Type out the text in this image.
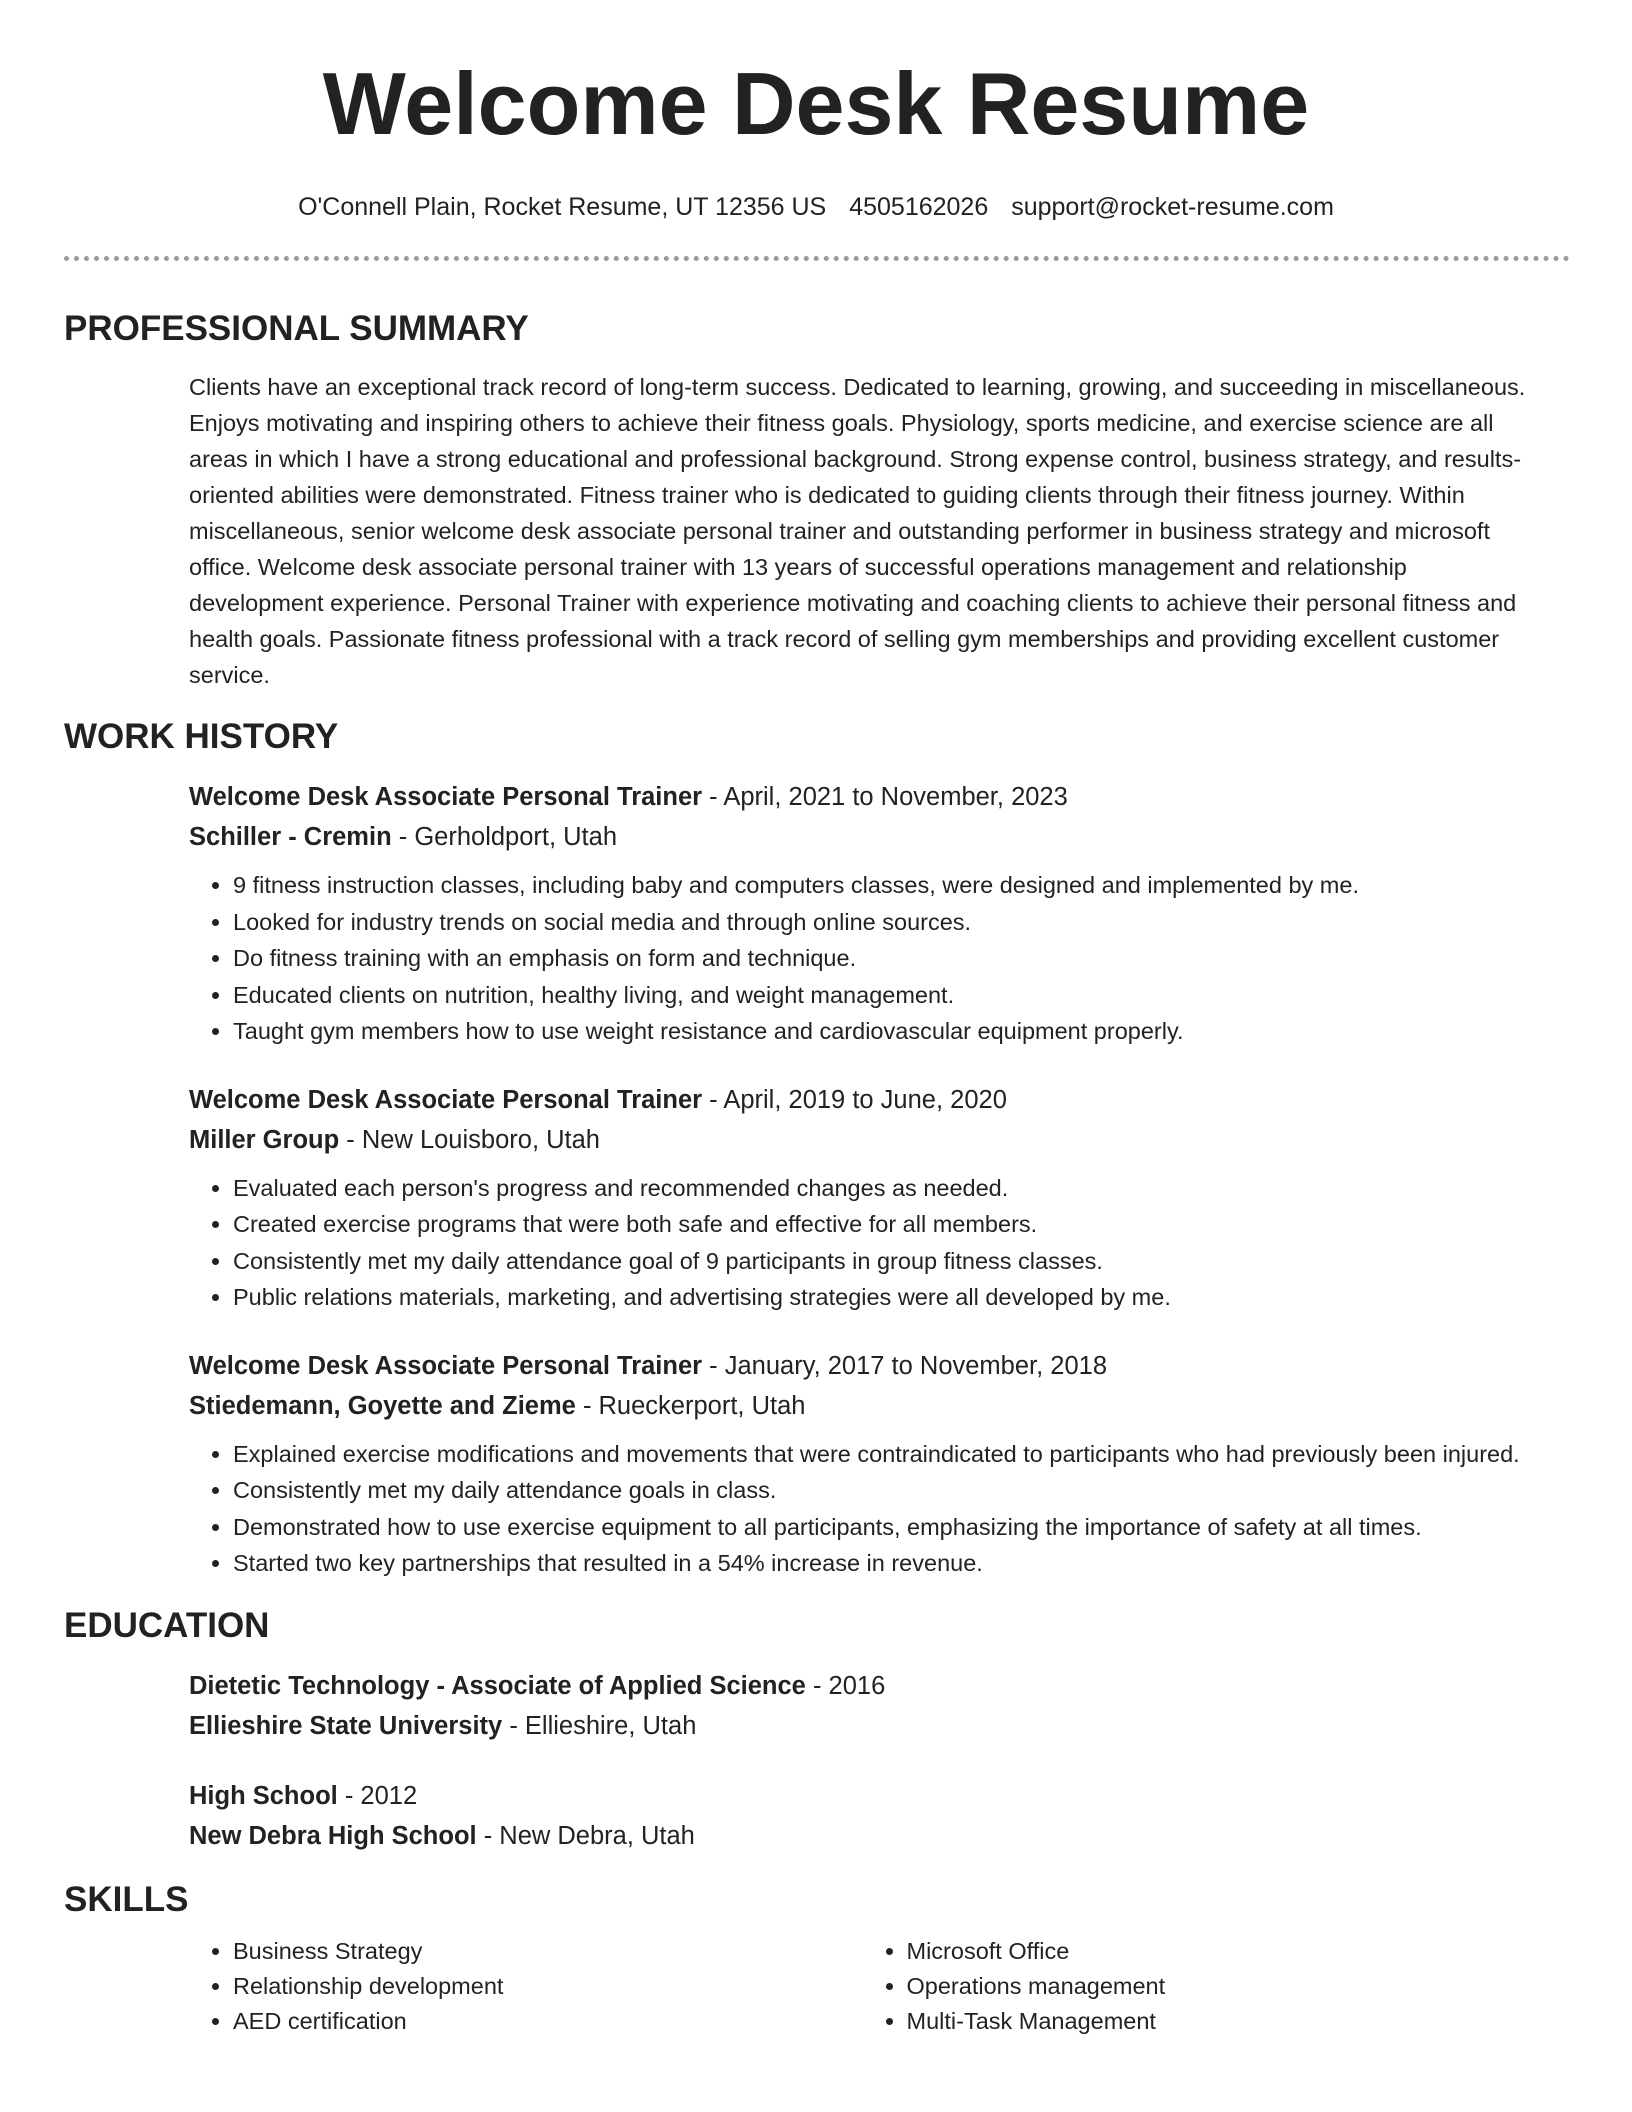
Welcome Desk Resume
O'Connell Plain, Rocket Resume, UT 12356 US 4505162026 support@rocket-resume.com
PROFESSIONAL SUMMARY
Clients have an exceptional track record of long-term success. Dedicated to learning, growing, and succeeding in miscellaneous. Enjoys motivating and inspiring others to achieve their fitness goals. Physiology, sports medicine, and exercise science are all areas in which I have a strong educational and professional background. Strong expense control, business strategy, and results-oriented abilities were demonstrated. Fitness trainer who is dedicated to guiding clients through their fitness journey. Within miscellaneous, senior welcome desk associate personal trainer and outstanding performer in business strategy and microsoft office. Welcome desk associate personal trainer with 13 years of successful operations management and relationship development experience. Personal Trainer with experience motivating and coaching clients to achieve their personal fitness and health goals. Passionate fitness professional with a track record of selling gym memberships and providing excellent customer service.
WORK HISTORY
Welcome Desk Associate Personal Trainer - April, 2021 to November, 2023
Schiller - Cremin - Gerholdport, Utah
• 9 fitness instruction classes, including baby and computers classes, were designed and implemented by me.
• Looked for industry trends on social media and through online sources.
• Do fitness training with an emphasis on form and technique.
• Educated clients on nutrition, healthy living, and weight management.
• Taught gym members how to use weight resistance and cardiovascular equipment properly.
Welcome Desk Associate Personal Trainer - April, 2019 to June, 2020
Miller Group - New Louisboro, Utah
• Evaluated each person's progress and recommended changes as needed.
• Created exercise programs that were both safe and effective for all members.
• Consistently met my daily attendance goal of 9 participants in group fitness classes.
• Public relations materials, marketing, and advertising strategies were all developed by me.
Welcome Desk Associate Personal Trainer - January, 2017 to November, 2018
Stiedemann, Goyette and Zieme - Rueckerport, Utah
• Explained exercise modifications and movements that were contraindicated to participants who had previously been injured.
• Consistently met my daily attendance goals in class.
• Demonstrated how to use exercise equipment to all participants, emphasizing the importance of safety at all times.
• Started two key partnerships that resulted in a 54% increase in revenue.
EDUCATION
Dietetic Technology - Associate of Applied Science - 2016
Ellieshire State University - Ellieshire, Utah
High School - 2012
New Debra High School - New Debra, Utah
SKILLS
• Business Strategy
• Relationship development
• AED certification
• Microsoft Office
• Operations management
• Multi-Task Management
